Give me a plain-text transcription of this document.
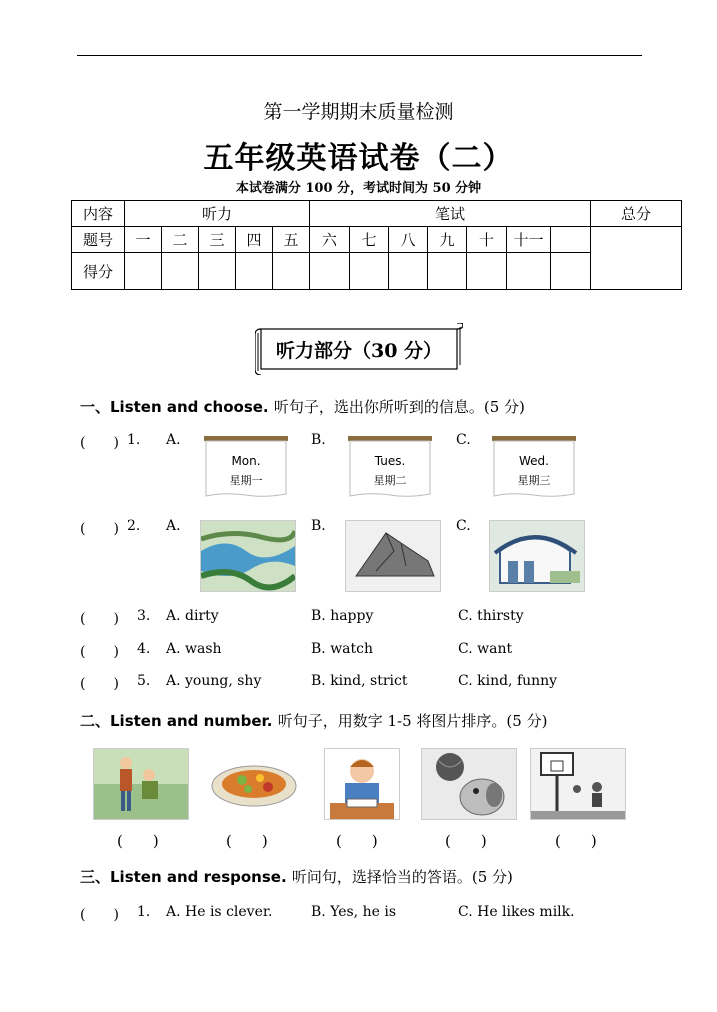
第一学期期末质量检测
五年级英语试卷（二）
本试卷满分 100 分，考试时间为 50 分钟
内容	听力					笔试							总分
题号	一	二	三	四	五	六	七	八	九	十	十一		
得分													
听力部分（30 分）
一、Listen and choose. 听句子，选出你所听到的信息。(5 分)
(　　) 1. A.	B.	C.
Mon.
星期一
Tues.
星期二
Wed.
星期三
(　　) 2. A.	B.	C.
(　　) 3. A. dirty	B. happy	C. thirsty
(　　) 4. A. wash	B. watch	C. want
(　　) 5. A. young, shy	B. kind, strict	C. kind, funny
二、Listen and number. 听句子，用数字 1-5 将图片排序。(5 分)
(　　)	(　　)	(　　)	(　　)	(　　)
三、Listen and response. 听问句，选择恰当的答语。(5 分)
(　　) 1. A. He is clever.	B. Yes, he is	C. He likes milk.
